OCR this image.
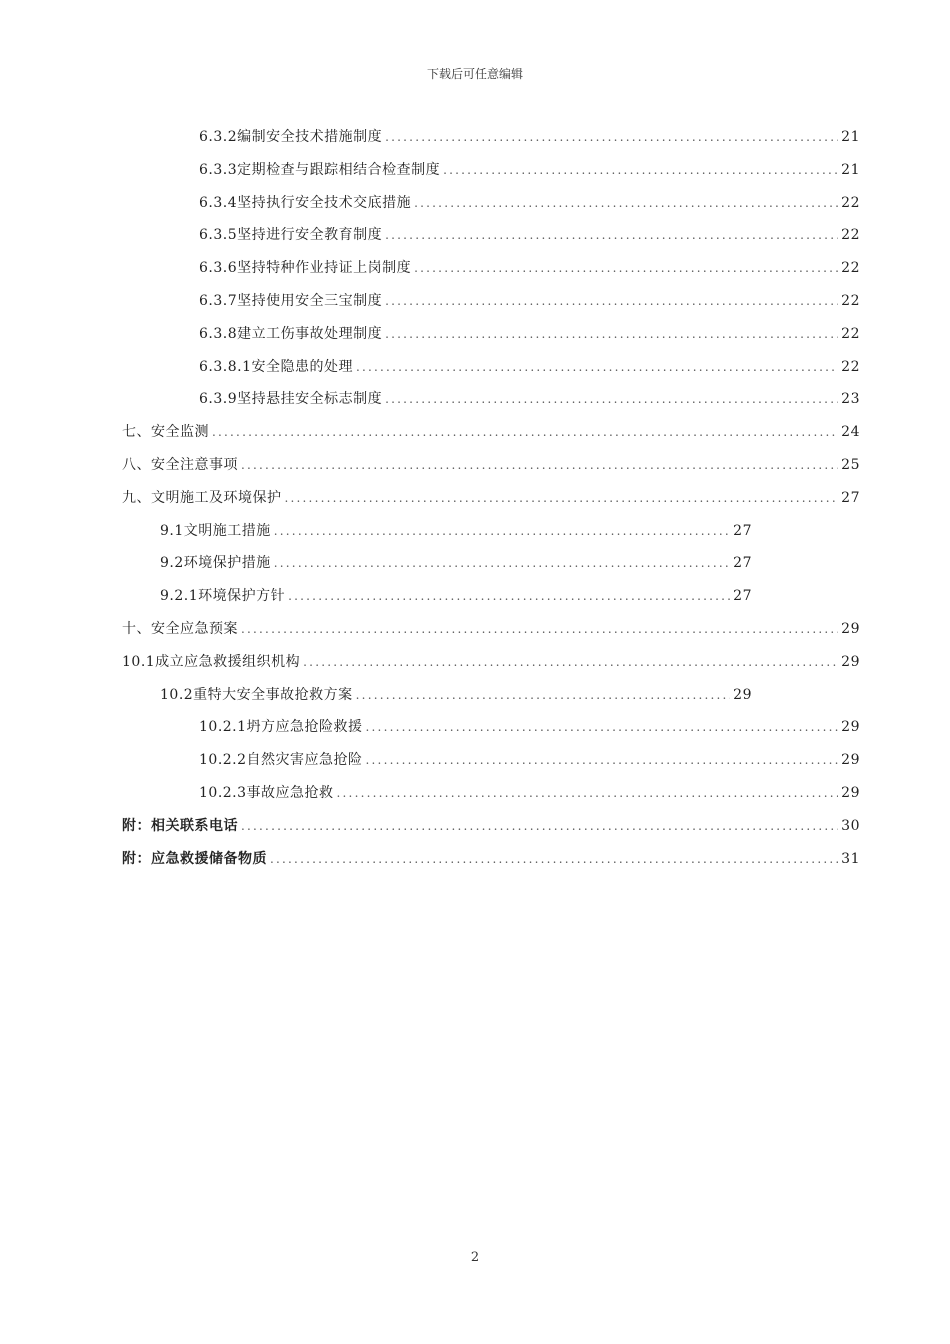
下载后可任意编辑
6.3.2编制安全技术措施制度 .....	21
6.3.3定期检查与跟踪相结合检查制度 .....	21
6.3.4坚持执行安全技术交底措施 .....	22
6.3.5坚持进行安全教育制度 .....	22
6.3.6坚持特种作业持证上岗制度 .....	22
6.3.7坚持使用安全三宝制度 .....	22
6.3.8建立工伤事故处理制度 .....	22
6.3.8.1安全隐患的处理 .....	22
6.3.9坚持悬挂安全标志制度 .....	23
七、安全监测 .....	24
八、安全注意事项 .....	25
九、文明施工及环境保护 .....	27
9.1文明施工措施 .....	27
9.2环境保护措施 .....	27
9.2.1环境保护方针 .....	27
十、安全应急预案 .....	29
10.1成立应急救援组织机构 .....	29
10.2重特大安全事故抢救方案 .....	29
10.2.1坍方应急抢险救援 .....	29
10.2.2自然灾害应急抢险 .....	29
10.2.3事故应急抢救 .....	29
附：相关联系电话 .....	30
附：应急救援储备物质 .....	31
2
